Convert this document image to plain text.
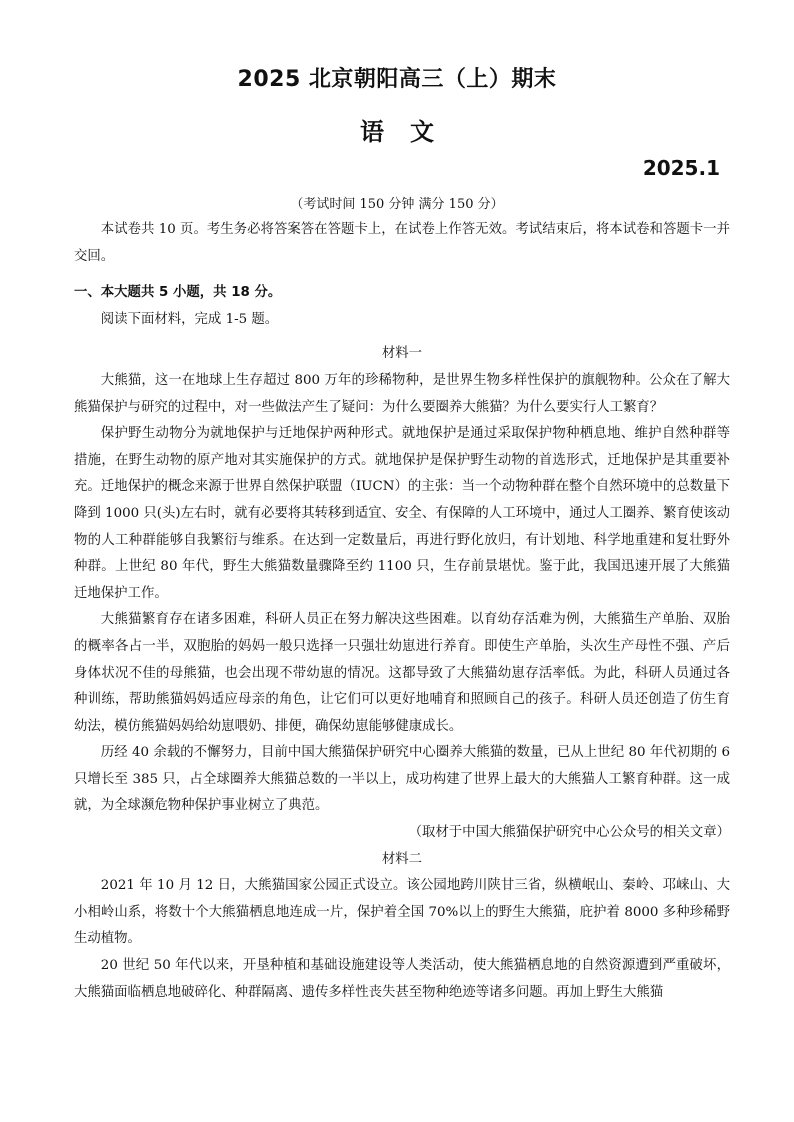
2025 北京朝阳高三（上）期末
语文
2025.1
（考试时间 150 分钟 满分 150 分）

本试卷共 10 页。考生务必将答案答在答题卡上，在试卷上作答无效。考试结束后，将本试卷和答题卡一并交回。

一、本大题共 5 小题，共 18 分。

阅读下面材料，完成 1-5 题。

材料一

大熊猫，这一在地球上生存超过 800 万年的珍稀物种，是世界生物多样性保护的旗舰物种。公众在了解大熊猫保护与研究的过程中，对一些做法产生了疑问：为什么要圈养大熊猫？为什么要实行人工繁育？

保护野生动物分为就地保护与迁地保护两种形式。就地保护是通过采取保护物种栖息地、维护自然种群等措施，在野生动物的原产地对其实施保护的方式。就地保护是保护野生动物的首选形式，迁地保护是其重要补充。迁地保护的概念来源于世界自然保护联盟（IUCN）的主张：当一个动物种群在整个自然环境中的总数量下降到 1000 只(头)左右时，就有必要将其转移到适宜、安全、有保障的人工环境中，通过人工圈养、繁育使该动物的人工种群能够自我繁衍与维系。在达到一定数量后，再进行野化放归，有计划地、科学地重建和复壮野外种群。上世纪 80 年代，野生大熊猫数量骤降至约 1100 只，生存前景堪忧。鉴于此，我国迅速开展了大熊猫迁地保护工作。

大熊猫繁育存在诸多困难，科研人员正在努力解决这些困难。以育幼存活难为例，大熊猫生产单胎、双胎的概率各占一半，双胞胎的妈妈一般只选择一只强壮幼崽进行养育。即使生产单胎，头次生产母性不强、产后身体状况不佳的母熊猫，也会出现不带幼崽的情况。这都导致了大熊猫幼崽存活率低。为此，科研人员通过各种训练，帮助熊猫妈妈适应母亲的角色，让它们可以更好地哺育和照顾自己的孩子。科研人员还创造了仿生育幼法，模仿熊猫妈妈给幼崽喂奶、排便，确保幼崽能够健康成长。

历经 40 余载的不懈努力，目前中国大熊猫保护研究中心圈养大熊猫的数量，已从上世纪 80 年代初期的 6 只增长至 385 只，占全球圈养大熊猫总数的一半以上，成功构建了世界上最大的大熊猫人工繁育种群。这一成就，为全球濒危物种保护事业树立了典范。

（取材于中国大熊猫保护研究中心公众号的相关文章）

材料二

2021 年 10 月 12 日，大熊猫国家公园正式设立。该公园地跨川陕甘三省，纵横岷山、秦岭、邛崃山、大小相岭山系，将数十个大熊猫栖息地连成一片，保护着全国 70%以上的野生大熊猫，庇护着 8000 多种珍稀野生动植物。

20 世纪 50 年代以来，开垦种植和基础设施建设等人类活动，使大熊猫栖息地的自然资源遭到严重破坏，大熊猫面临栖息地破碎化、种群隔离、遗传多样性丧失甚至物种绝迹等诸多问题。再加上野生大熊猫
